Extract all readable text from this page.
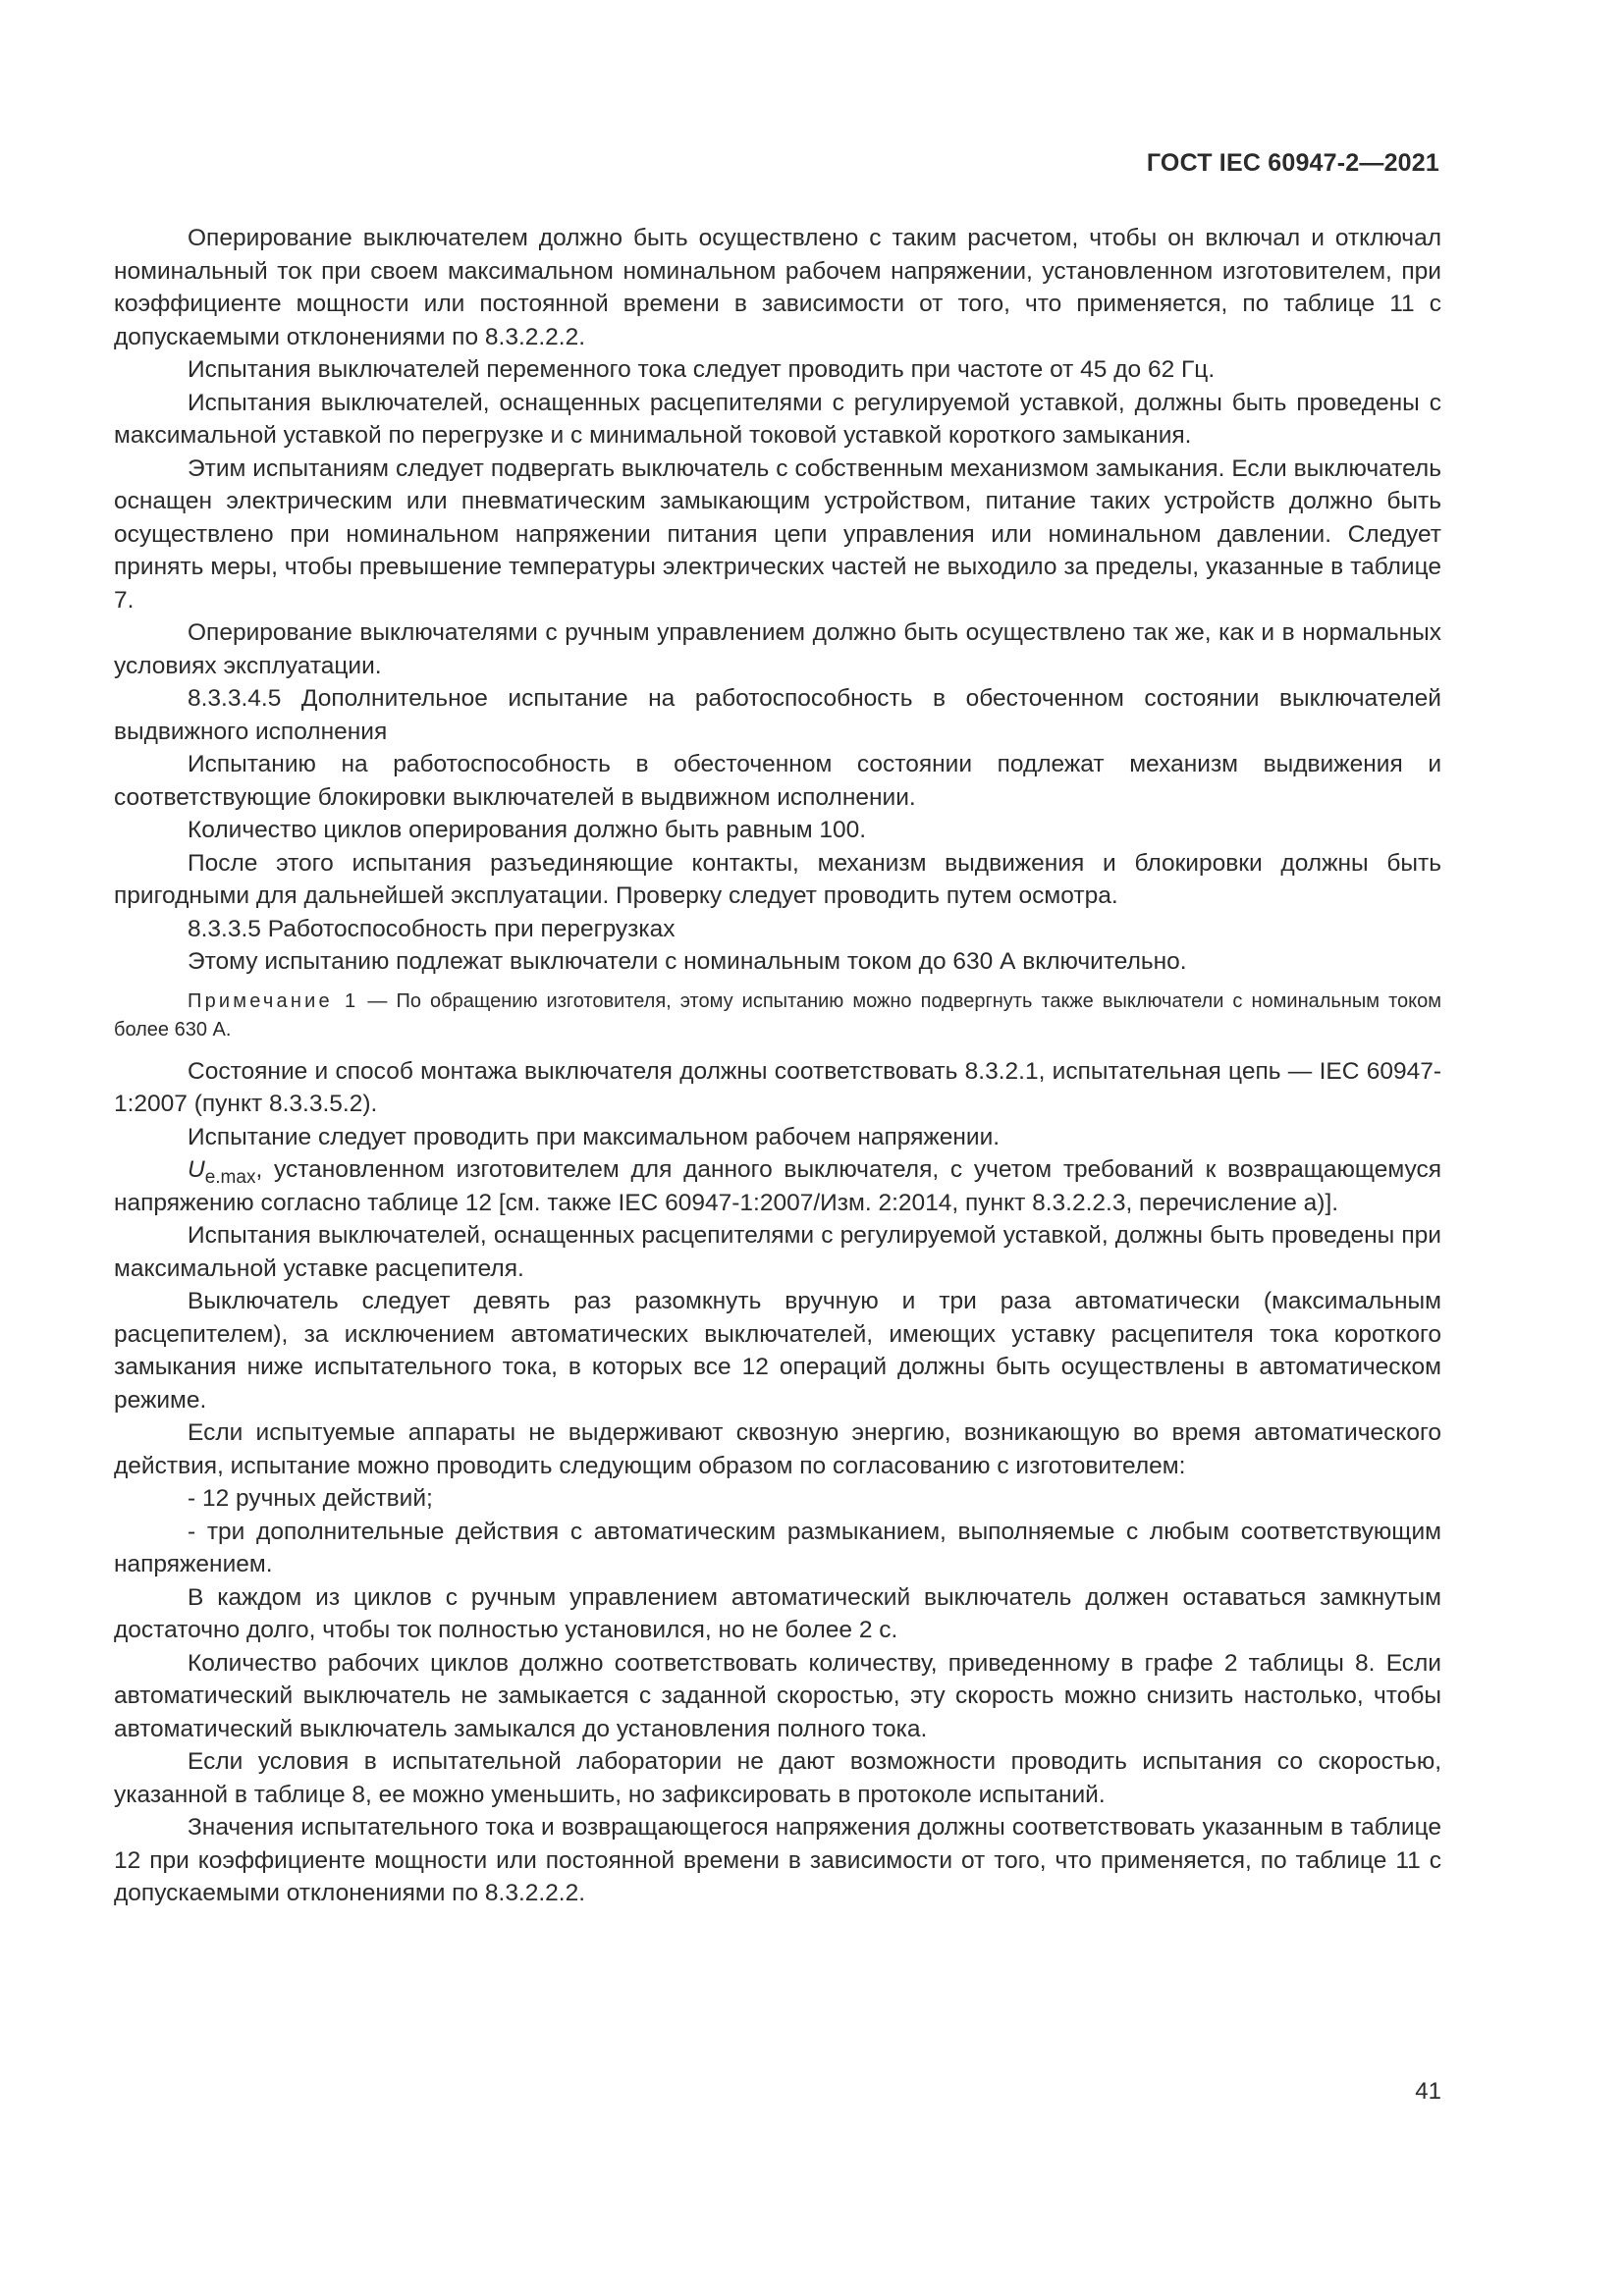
ГОСТ IEC 60947-2—2021

Оперирование выключателем должно быть осуществлено с таким расчетом, чтобы он включал и отключал номинальный ток при своем максимальном номинальном рабочем напряжении, установленном изготовителем, при коэффициенте мощности или постоянной времени в зависимости от того, что применяется, по таблице 11 с допускаемыми отклонениями по 8.3.2.2.2.

Испытания выключателей переменного тока следует проводить при частоте от 45 до 62 Гц.

Испытания выключателей, оснащенных расцепителями с регулируемой уставкой, должны быть проведены с максимальной уставкой по перегрузке и с минимальной токовой уставкой короткого замыкания.

Этим испытаниям следует подвергать выключатель с собственным механизмом замыкания. Если выключатель оснащен электрическим или пневматическим замыкающим устройством, питание таких устройств должно быть осуществлено при номинальном напряжении питания цепи управления или номинальном давлении. Следует принять меры, чтобы превышение температуры электрических частей не выходило за пределы, указанные в таблице 7.

Оперирование выключателями с ручным управлением должно быть осуществлено так же, как и в нормальных условиях эксплуатации.

8.3.3.4.5 Дополнительное испытание на работоспособность в обесточенном состоянии выключателей выдвижного исполнения

Испытанию на работоспособность в обесточенном состоянии подлежат механизм выдвижения и соответствующие блокировки выключателей в выдвижном исполнении.

Количество циклов оперирования должно быть равным 100.

После этого испытания разъединяющие контакты, механизм выдвижения и блокировки должны быть пригодными для дальнейшей эксплуатации. Проверку следует проводить путем осмотра.

8.3.3.5 Работоспособность при перегрузках

Этому испытанию подлежат выключатели с номинальным током до 630 А включительно.

Примечание 1 — По обращению изготовителя, этому испытанию можно подвергнуть также выключатели с номинальным током более 630 А.

Состояние и способ монтажа выключателя должны соответствовать 8.3.2.1, испытательная цепь — IEC 60947-1:2007 (пункт 8.3.3.5.2).

Испытание следует проводить при максимальном рабочем напряжении.

$U_{e.max}$, установленном изготовителем для данного выключателя, с учетом требований к возвращающемуся напряжению согласно таблице 12 [см. также IEC 60947-1:2007/Изм. 2:2014, пункт 8.3.2.2.3, перечисление а)].

Испытания выключателей, оснащенных расцепителями с регулируемой уставкой, должны быть проведены при максимальной уставке расцепителя.

Выключатель следует девять раз разомкнуть вручную и три раза автоматически (максимальным расцепителем), за исключением автоматических выключателей, имеющих уставку расцепителя тока короткого замыкания ниже испытательного тока, в которых все 12 операций должны быть осуществлены в автоматическом режиме.

Если испытуемые аппараты не выдерживают сквозную энергию, возникающую во время автоматического действия, испытание можно проводить следующим образом по согласованию с изготовителем:

- 12 ручных действий;

- три дополнительные действия с автоматическим размыканием, выполняемые с любым соответствующим напряжением.

В каждом из циклов с ручным управлением автоматический выключатель должен оставаться замкнутым достаточно долго, чтобы ток полностью установился, но не более 2 с.

Количество рабочих циклов должно соответствовать количеству, приведенному в графе 2 таблицы 8. Если автоматический выключатель не замыкается с заданной скоростью, эту скорость можно снизить настолько, чтобы автоматический выключатель замыкался до установления полного тока.

Если условия в испытательной лаборатории не дают возможности проводить испытания со скоростью, указанной в таблице 8, ее можно уменьшить, но зафиксировать в протоколе испытаний.

Значения испытательного тока и возвращающегося напряжения должны соответствовать указанным в таблице 12 при коэффициенте мощности или постоянной времени в зависимости от того, что применяется, по таблице 11 с допускаемыми отклонениями по 8.3.2.2.2.

41
